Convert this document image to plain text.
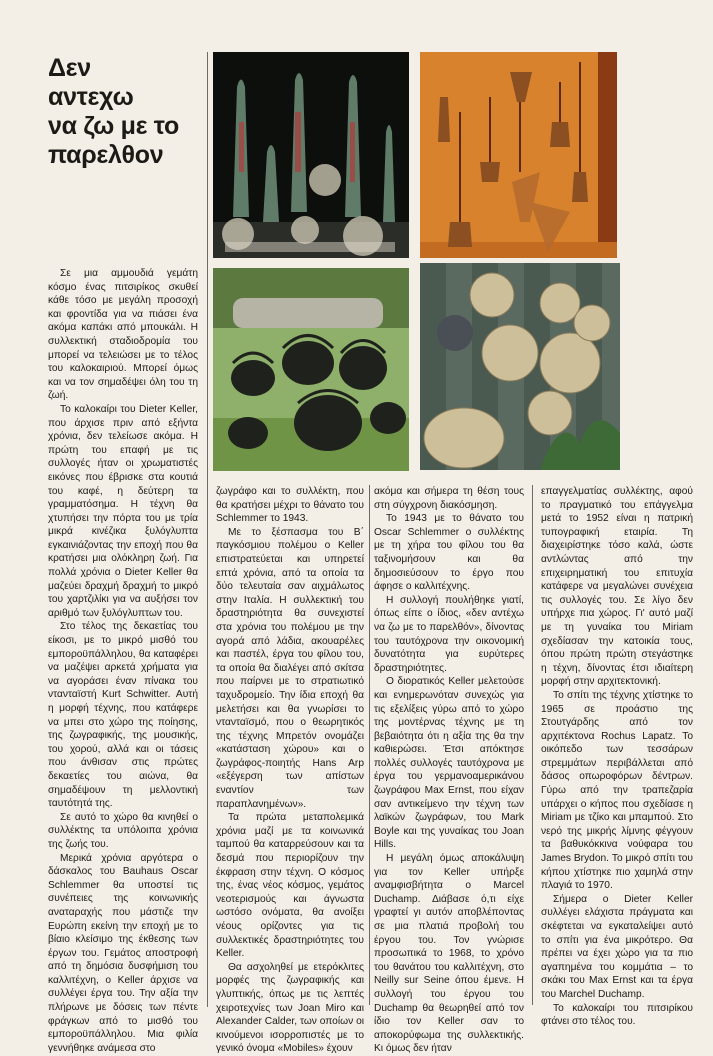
Δεν
αντεχω
να ζω με το
παρελθον

Σε μια αμμουδιά γεμάτη κόσμο ένας πιτσιρίκος σκυθεί κάθε τόσο με μεγάλη προσοχή και φροντίδα για να πιάσει ένα ακόμα καπάκι από μπουκάλι. Η συλλεκτική σταδιοδρομία του μπορεί να τελειώσει με το τέλος του καλοκαιριού. Μπορεί όμως και να τον σημαδέψει όλη του τη ζωή.

Το καλοκαίρι του Dieter Keller, που άρχισε πριν από εξήντα χρόνια, δεν τελείωσε ακόμα. Η πρώτη του επαφή με τις συλλογές ήταν οι χρωματιστές εικόνες που έβρισκε στα κουτιά του καφέ, η δεύτερη τα γραμματόσημα. Η τέχνη θα χτυπήσει την πόρτα του με τρία μικρά κινέζικα ξυλόγλυπτα εγκαινιάζοντας την εποχή που θα κρατήσει μια ολόκληρη ζωή. Για πολλά χρόνια ο Dieter Keller θα μαζεύει δραχμή δραχμή το μικρό του χαρτζιλίκι για να αυξήσει τον αριθμό των ξυλόγλυπτων του.

Στο τέλος της δεκαετίας του είκοσι, με το μικρό μισθό του εμποροϋπάλληλου, θα καταφέρει να μαζέψει αρκετά χρήματα για να αγοράσει έναν πίνακα του ντανταïστή Kurt Schwitter. Αυτή η μορφή τέχνης, που κατάφερε να μπει στο χώρο της ποίησης, της ζωγραφικής, της μουσικής, του χορού, αλλά και οι τάσεις που άνθισαν στις πρώτες δεκαετίες του αιώνα, θα σημαδέψουν τη μελλοντική ταυτότητά της.

Σε αυτό το χώρο θα κινηθεί ο συλλέκτης τα υπόλοιπα χρόνια της ζωής του.

Μερικά χρόνια αργότερα ο δάσκαλος του Bauhaus Oscar Schlemmer θα υποστεί τις συνέπειες της κοινωνικής αναταραχής που μάστιζε την Ευρώπη εκείνη την εποχή με το βίαιο κλείσιμο της έκθεσης των έργων του. Γεμάτος αποστροφή από τη δημόσια δυσφήμιση του καλλιτέχνη, ο Keller άρχισε να συλλέγει έργα του. Την αξία την πλήρωνε με δόσεις των πέντε φράγκων από το μισθό του εμποροϋπάλληλου. Μια φιλία γεννήθηκε ανάμεσα στο

ζωγράφο και το συλλέκτη, που θα κρατήσει μέχρι το θάνατο του Schlemmer το 1943.

Με το ξέσπασμα του Β΄ παγκόσμιου πολέμου ο Keller επιστρατεύεται και υπηρετεί επτά χρόνια, από τα οποία τα δύο τελευταία σαν αιχμάλωτος στην Ιταλία. Η συλλεκτική του δραστηριότητα θα συνεχιστεί στα χρόνια του πολέμου με την αγορά από λάδια, ακουαρέλες και παστέλ, έργα του φίλου του, τα οποία θα διαλέγει από σκίτσα που παίρνει με το στρατιωτικό ταχυδρομείο. Την ίδια εποχή θα μελετήσει και θα γνωρίσει το ντανταïσμό, που ο θεωρητικός της τέχνης Μπρετόν ονομάζει «κατάσταση χώρου» και ο ζωγράφος-ποιητής Hans Arp «εξέγερση των απίστων εναντίον των παραπλανημένων».

Τα πρώτα μεταπολεμικά χρόνια μαζί με τα κοινωνικά ταμπού θα καταρρεύσουν και τα δεσμά που περιορίζουν την έκφραση στην τέχνη. Ο κόσμος της, ένας νέος κόσμος, γεμάτος νεοτερισμούς και άγνωστα ωστόσο ονόματα, θα ανοίξει νέους ορίζοντες για τις συλλεκτικές δραστηριότητες του Keller.

Θα ασχοληθεί με ετερόκλιτες μορφές της ζωγραφικής και γλυπτικής, όπως με τις λεπτές χειροτεχνίες των Joan Miro και Alexander Calder, των οποίων οι κινούμενοι ισορροπιστές με το γενικό όνομα «Mobiles» έχουν

ακόμα και σήμερα τη θέση τους στη σύγχρονη διακόσμηση.

Το 1943 με το θάνατο του Oscar Schlemmer ο συλλέκτης με τη χήρα του φίλου του θα ταξινομήσουν και θα δημοσιεύσουν το έργο που άφησε ο καλλιτέχνης.

Η συλλογή πουλήθηκε γιατί, όπως είπε ο ίδιος, «δεν αντέχω να ζω με το παρελθόν», δίνοντας του ταυτόχρονα την οικονομική δυνατότητα για ευρύτερες δραστηριότητες.

Ο διορατικός Keller μελετούσε και ενημερωνόταν συνεχώς για τις εξελίξεις γύρω από το χώρο της μοντέρνας τέχνης με τη βεβαιότητα ότι η αξία της θα την καθιερώσει. Έτσι απόκτησε πολλές συλλογές ταυτόχρονα με έργα του γερμανοαμερικάνου ζωγράφου Max Ernst, που είχαν σαν αντικείμενο την τέχνη των λαϊκών ζωγράφων, του Mark Boyle και της γυναίκας του Joan Hills.

Η μεγάλη όμως αποκάλυψη για τον Keller υπήρξε αναμφισβήτητα ο Marcel Duchamp. Διάβασε ό,τι είχε γραφτεί γι αυτόν αποβλέποντας σε μια πλατιά προβολή του έργου του. Τον γνώρισε προσωπικά το 1968, το χρόνο του θανάτου του καλλιτέχνη, στο Neilly sur Seine όπου έμενε. Η συλλογή του έργου του Duchamp θα θεωρηθεί από τον ίδιο τον Keller σαν το αποκορύφωμα της συλλεκτικής. Κι όμως δεν ήταν

επαγγελματίας συλλέκτης, αφού το πραγματικό του επάγγελμα μετά το 1952 είναι η πατρική τυπογραφική εταιρία. Τη διαχειρίστηκε τόσο καλά, ώστε αντλώντας από την επιχειρηματική του επιτυχία κατάφερε να μεγαλώνει συνέχεια τις συλλογές του. Σε λίγο δεν υπήρχε πια χώρος. Γι' αυτό μαζί με τη γυναίκα του Miriam σχεδίασαν την κατοικία τους, όπου πρώτη πρώτη στεγάστηκε η τέχνη, δίνοντας έτσι ιδιαίτερη μορφή στην αρχιτεκτονική.

Το σπίτι της τέχνης χτίστηκε το 1965 σε προάστιο της Στουτγάρδης από τον αρχιτέκτονα Rochus Lapatz. Το οικόπεδο των τεσσάρων στρεμμάτων περιβάλλεται από δάσος οπωροφόρων δέντρων. Γύρω από την τραπεζαρία υπάρχει ο κήπος που σχεδίασε η Miriam με τζίκο και μπαμπού. Στο νερό της μικρής λίμνης φέγγουν τα βαθυκόκκινα νούφαρα του James Brydon. Το μικρό σπίτι του κήπου χτίστηκε πιο χαμηλά στην πλαγιά το 1970.

Σήμερα ο Dieter Keller συλλέγει ελάχιστα πράγματα και σκέφτεται να εγκαταλείψει αυτό το σπίτι για ένα μικρότερο. Θα πρέπει να έχει χώρο για τα πιο αγαπημένα του κομμάτια – το σκάκι του Max Ernst και τα έργα του Marchel Duchamp.

Το καλοκαίρι του πιτσιρίκου φτάνει στο τέλος του.
